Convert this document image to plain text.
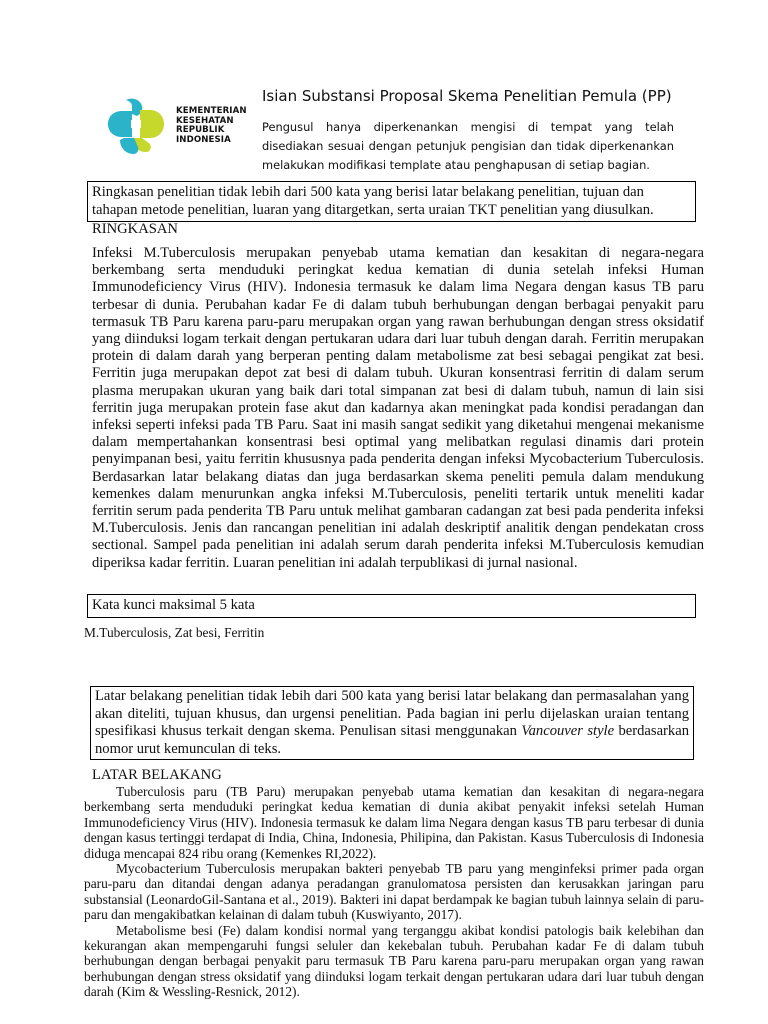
KEMENTERIAN
KESEHATAN
REPUBLIK
INDONESIA
Isian Substansi Proposal Skema Penelitian Pemula (PP)
Pengusul hanya diperkenankan mengisi di tempat yang telah disediakan sesuai dengan petunjuk pengisian dan tidak diperkenankan melakukan modifikasi template atau penghapusan di setiap bagian.
Ringkasan penelitian tidak lebih dari 500 kata yang berisi latar belakang penelitian, tujuan dan tahapan metode penelitian, luaran yang ditargetkan, serta uraian TKT penelitian yang diusulkan.
RINGKASAN

Infeksi M.Tuberculosis merupakan penyebab utama kematian dan kesakitan di negara-negara berkembang serta menduduki peringkat kedua kematian di dunia setelah infeksi Human Immunodeficiency Virus (HIV). Indonesia termasuk ke dalam lima Negara dengan kasus TB paru terbesar di dunia. Perubahan kadar Fe di dalam tubuh berhubungan dengan berbagai penyakit paru termasuk TB Paru karena paru-paru merupakan organ yang rawan berhubungan dengan stress oksidatif yang diinduksi logam terkait dengan pertukaran udara dari luar tubuh dengan darah. Ferritin merupakan protein di dalam darah yang berperan penting dalam metabolisme zat besi sebagai pengikat zat besi. Ferritin juga merupakan depot zat besi di dalam tubuh. Ukuran konsentrasi ferritin di dalam serum plasma merupakan ukuran yang baik dari total simpanan zat besi di dalam tubuh, namun di lain sisi ferritin juga merupakan protein fase akut dan kadarnya akan meningkat pada kondisi peradangan dan infeksi seperti infeksi pada TB Paru. Saat ini masih sangat sedikit yang diketahui mengenai mekanisme dalam mempertahankan konsentrasi besi optimal yang melibatkan regulasi dinamis dari protein penyimpanan besi, yaitu ferritin khususnya pada penderita dengan infeksi Mycobacterium Tuberculosis. Berdasarkan latar belakang diatas dan juga berdasarkan skema peneliti pemula dalam mendukung kemenkes dalam menurunkan angka infeksi M.Tuberculosis, peneliti tertarik untuk meneliti kadar ferritin serum pada penderita TB Paru untuk melihat gambaran cadangan zat besi pada penderita infeksi M.Tuberculosis. Jenis dan rancangan penelitian ini adalah deskriptif analitik dengan pendekatan cross sectional. Sampel pada penelitian ini adalah serum darah penderita infeksi M.Tuberculosis kemudian diperiksa kadar ferritin. Luaran penelitian ini adalah terpublikasi di jurnal nasional.

Kata kunci maksimal 5 kata
M.Tuberculosis, Zat besi, Ferritin
Latar belakang penelitian tidak lebih dari 500 kata yang berisi latar belakang dan permasalahan yang akan diteliti, tujuan khusus, dan urgensi penelitian. Pada bagian ini perlu dijelaskan uraian tentang spesifikasi khusus terkait dengan skema. Penulisan sitasi menggunakan Vancouver style berdasarkan nomor urut kemunculan di teks.
LATAR BELAKANG

Tuberculosis paru (TB Paru) merupakan penyebab utama kematian dan kesakitan di negara-negara berkembang serta menduduki peringkat kedua kematian di dunia akibat penyakit infeksi setelah Human Immunodeficiency Virus (HIV). Indonesia termasuk ke dalam lima Negara dengan kasus TB paru terbesar di dunia dengan kasus tertinggi terdapat di India, China, Indonesia, Philipina, dan Pakistan. Kasus Tuberculosis di Indonesia diduga mencapai 824 ribu orang (Kemenkes RI,2022).

Mycobacterium Tuberculosis merupakan bakteri penyebab TB paru yang menginfeksi primer pada organ paru-paru dan ditandai dengan adanya peradangan granulomatosa persisten dan kerusakkan jaringan paru substansial (LeonardoGil-Santana et al., 2019). Bakteri ini dapat berdampak ke bagian tubuh lainnya selain di paru-paru dan mengakibatkan kelainan di dalam tubuh (Kuswiyanto, 2017).

Metabolisme besi (Fe) dalam kondisi normal yang terganggu akibat kondisi patologis baik kelebihan dan kekurangan akan mempengaruhi fungsi seluler dan kekebalan tubuh. Perubahan kadar Fe di dalam tubuh berhubungan dengan berbagai penyakit paru termasuk TB Paru karena paru-paru merupakan organ yang rawan berhubungan dengan stress oksidatif yang diinduksi logam terkait dengan pertukaran udara dari luar tubuh dengan darah (Kim & Wessling-Resnick, 2012).
